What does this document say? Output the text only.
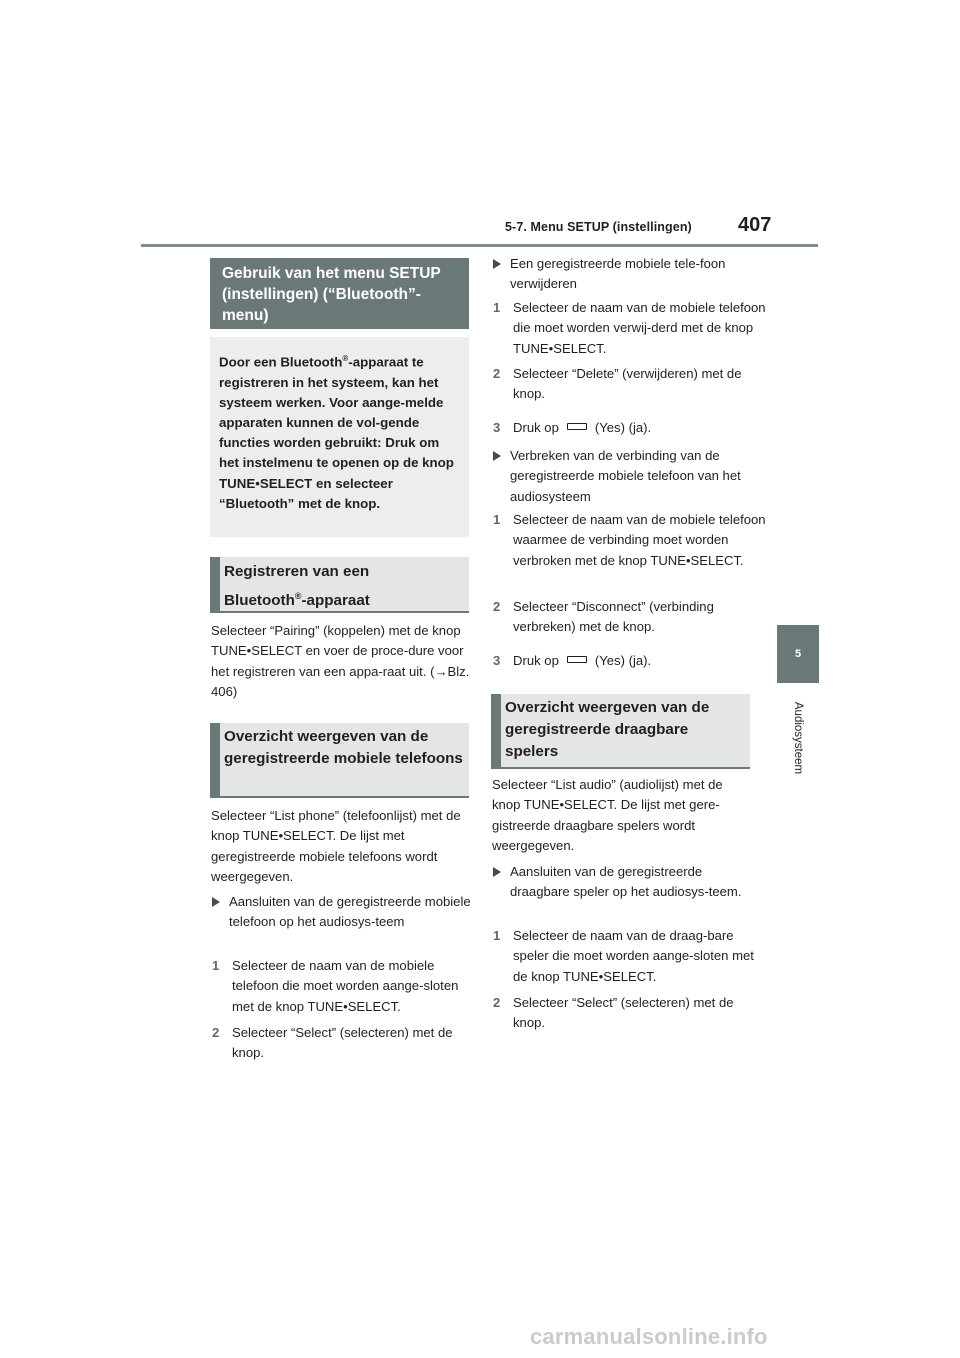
5-7. Menu SETUP (instellingen) 407
5
Audiosysteem
Gebruik van het menu SETUP (instellingen) (“Bluetooth”-menu)
Door een Bluetooth®-apparaat te registreren in het systeem, kan het systeem werken. Voor aange-melde apparaten kunnen de vol-gende functies worden gebruikt: Druk om het instelmenu te openen op de knop TUNE•SELECT en selecteer “Bluetooth” met de knop.
Registreren van een
Bluetooth®-apparaat
Selecteer “Pairing” (koppelen) met de knop TUNE•SELECT en voer de proce-dure voor het registreren van een appa-raat uit. (→Blz. 406)
Overzicht weergeven van de geregistreerde mobiele telefoons
Selecteer “List phone” (telefoonlijst) met de knop TUNE•SELECT. De lijst met geregistreerde mobiele telefoons wordt weergegeven.
Aansluiten van de geregistreerde mobiele telefoon op het audiosys-teem
1 Selecteer de naam van de mobiele telefoon die moet worden aange-sloten met de knop TUNE•SELECT.
2 Selecteer “Select” (selecteren) met de knop.
Een geregistreerde mobiele tele-foon verwijderen
1 Selecteer de naam van de mobiele telefoon die moet worden verwij-derd met de knop TUNE•SELECT.
2 Selecteer “Delete” (verwijderen) met de knop.
3 Druk op	(Yes) (ja).
Verbreken van de verbinding van de geregistreerde mobiele telefoon van het audiosysteem
1 Selecteer de naam van de mobiele telefoon waarmee de verbinding moet worden verbroken met de knop TUNE•SELECT.
2 Selecteer “Disconnect” (verbinding verbreken) met de knop.
3 Druk op	(Yes) (ja).
Overzicht weergeven van de geregistreerde draagbare spelers
Selecteer “List audio” (audiolijst) met de knop TUNE•SELECT. De lijst met gere-gistreerde draagbare spelers wordt weergegeven.
Aansluiten van de geregistreerde draagbare speler op het audiosys-teem.
1 Selecteer de naam van de draag-bare speler die moet worden aange-sloten met de knop TUNE•SELECT.
2 Selecteer “Select” (selecteren) met de knop.
carmanualsonline.info
